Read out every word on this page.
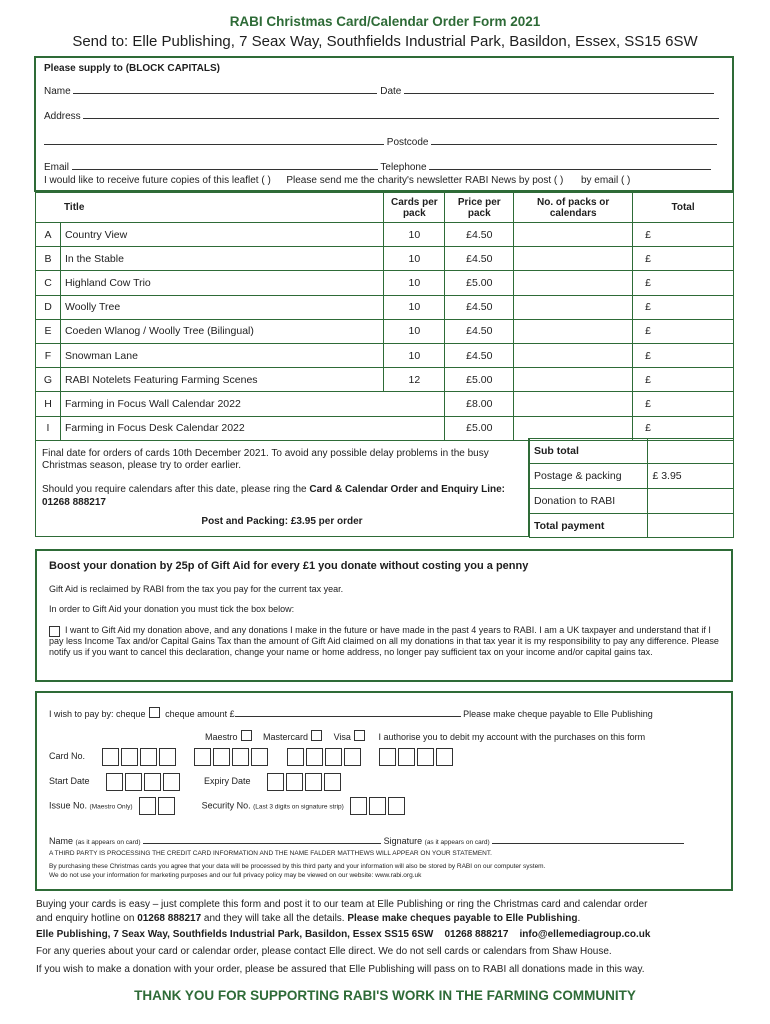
RABI Christmas Card/Calendar Order Form 2021
Send to: Elle Publishing, 7 Seax Way, Southfields Industrial Park, Basildon, Essex, SS15 6SW
Please supply to (BLOCK CAPITALS)
Name	Date
Address
Postcode
Email	Telephone
I would like to receive future copies of this leaflet ( ) Please send me the charity's newsletter RABI News by post ( ) by email ( )
Title		Cards per pack	Price per pack	No. of packs or calendars	Total
A	Country View	10	£4.50		£
B	In the Stable	10	£4.50		£
C	Highland Cow Trio	10	£5.00		£
D	Woolly Tree	10	£4.50		£
E	Coeden Wlanog / Woolly Tree (Bilingual)	10	£4.50		£
F	Snowman Lane	10	£4.50		£
G	RABI Notelets Featuring Farming Scenes	12	£5.00		£
H	Farming in Focus Wall Calendar 2022		£8.00		£
I	Farming in Focus Desk Calendar 2022		£5.00		£
Final date for orders of cards 10th December 2021. To avoid any possible delay problems in the busy Christmas season, please try to order earlier.
Should you require calendars after this date, please ring the Card & Calendar Order and Enquiry Line: 01268 888217
Post and Packing: £3.95 per order
Sub total	
Postage & packing	£ 3.95
Donation to RABI	
Total payment	
Boost your donation by 25p of Gift Aid for every £1 you donate without costing you a penny
Gift Aid is reclaimed by RABI from the tax you pay for the current tax year.
In order to Gift Aid your donation you must tick the box below:
I want to Gift Aid my donation above, and any donations I make in the future or have made in the past 4 years to RABI. I am a UK taxpayer and understand that if I pay less Income Tax and/or Capital Gains Tax than the amount of Gift Aid claimed on all my donations in that tax year it is my responsibility to pay any difference. Please notify us if you want to cancel this declaration, change your name or home address, no longer pay sufficient tax on your income and/or capital gains tax.
I wish to pay by: cheque cheque amount £	Please make cheque payable to Elle Publishing
Maestro	Mastercard	Visa	I authorise you to debit my account with the purchases on this form
Card No.
Start Date	Expiry Date
Issue No. (Maestro Only)	Security No. (Last 3 digits on signature strip)
Name (as it appears on card)	Signature (as it appears on card)
A THIRD PARTY IS PROCESSING THE CREDIT CARD INFORMATION AND THE NAME FALDER MATTHEWS WILL APPEAR ON YOUR STATEMENT.
By purchasing these Christmas cards you agree that your data will be processed by this third party and your information will also be stored by RABI on our computer system.
We do not use your information for marketing purposes and our full privacy policy may be viewed on our website: www.rabi.org.uk
Buying your cards is easy – just complete this form and post it to our team at Elle Publishing or ring the Christmas card and calendar order
and enquiry hotline on 01268 888217 and they will take all the details. Please make cheques payable to Elle Publishing.
Elle Publishing, 7 Seax Way, Southfields Industrial Park, Basildon, Essex SS15 6SW    01268 888217    info@ellemediagroup.co.uk
For any queries about your card or calendar order, please contact Elle direct. We do not sell cards or calendars from Shaw House.
If you wish to make a donation with your order, please be assured that Elle Publishing will pass on to RABI all donations made in this way.
THANK YOU FOR SUPPORTING RABI'S WORK IN THE FARMING COMMUNITY
